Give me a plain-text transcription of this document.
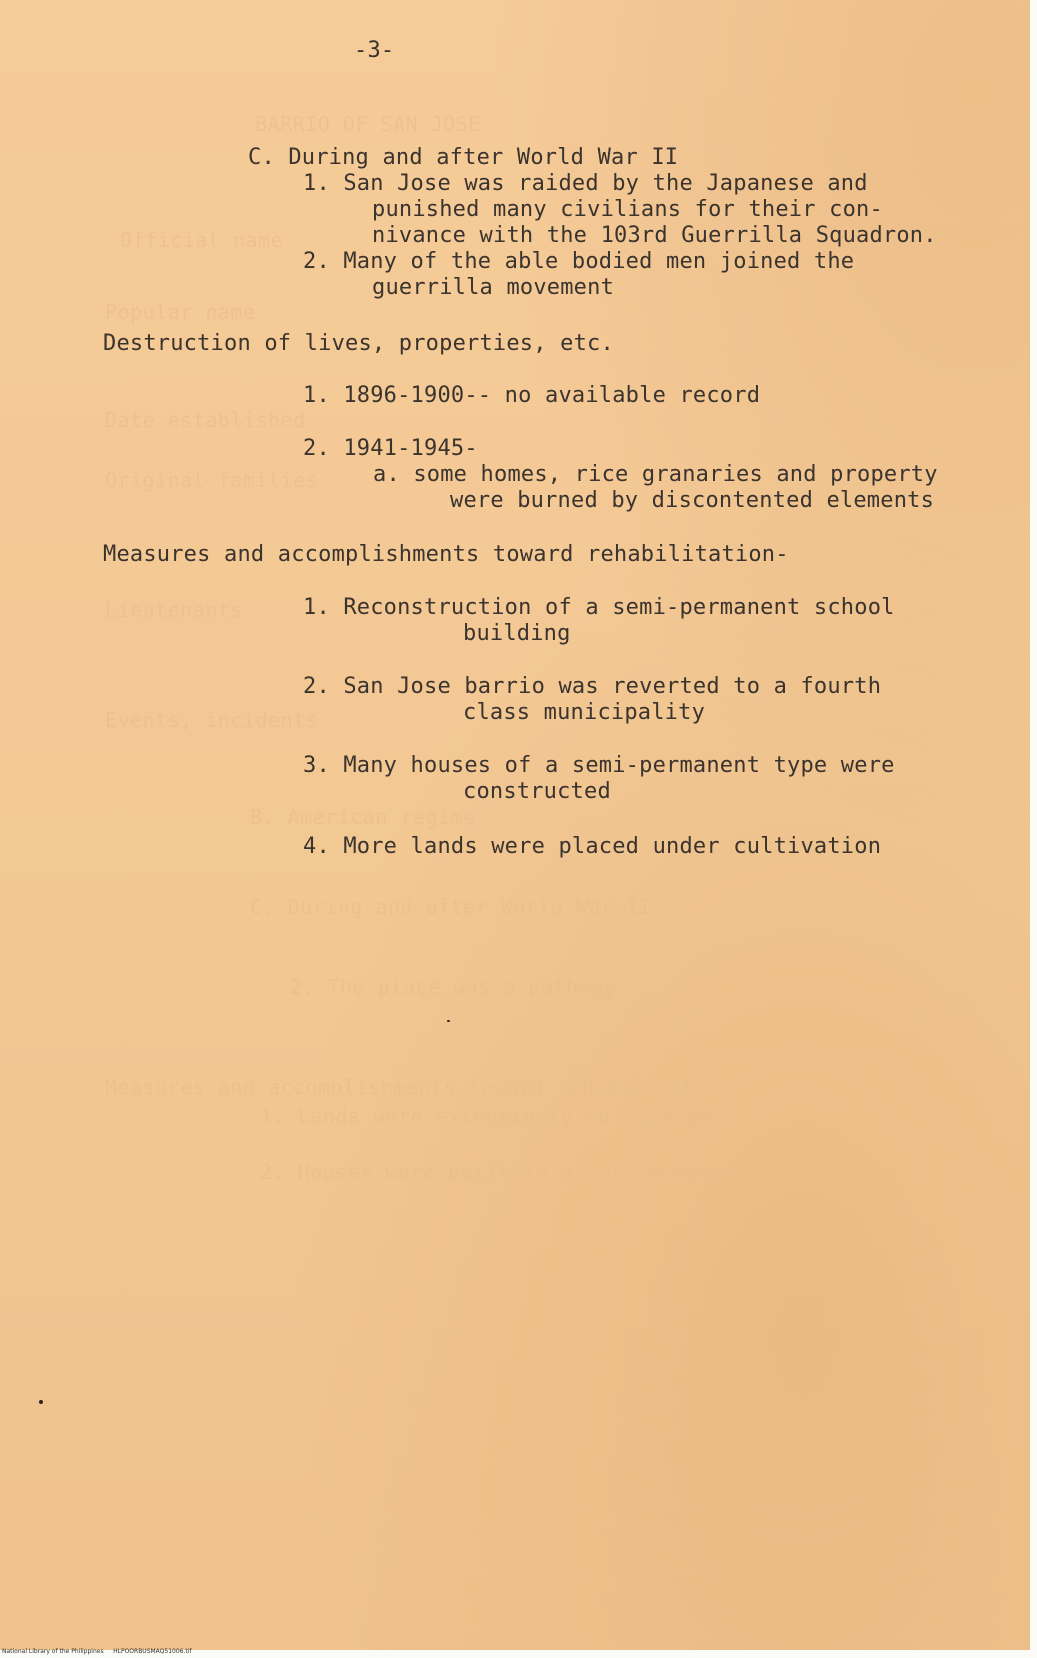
BARRIO OF SAN JOSE
Official name
Popular name
Date established
Original families
Lieutenants
Events, incidents
B. American regime
C. During and after World War II
2. The place was a pathway
Measures and accomplishments toward rehabilitation
1. Lands were extensively cultivated
2. Houses were built in a barrio site
-3-
C. During and after World War II
1. San Jose was raided by the Japanese and
punished many civilians for their con-
nivance with the 103rd Guerrilla Squadron.
2. Many of the able bodied men joined the
guerrilla movement
Destruction of lives, properties, etc.
1. 1896-1900-- no available record
2. 1941-1945-
a. some homes, rice granaries and property
were burned by discontented elements
Measures and accomplishments toward rehabilitation-
1. Reconstruction of a semi-permanent school
building
2. San Jose barrio was reverted to a fourth
class municipality
3. Many houses of a semi-permanent type were
constructed
4. More lands were placed under cultivation
National Library of the Philippines     HLPOORBUSMAQ51006.tif
